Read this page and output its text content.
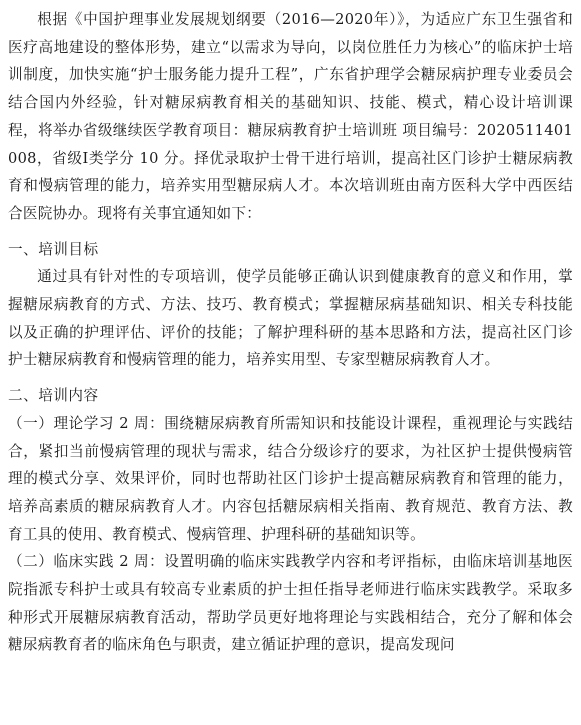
根据《中国护理事业发展规划纲要（2016—2020年）》，为适应广东卫生强省和医疗高地建设的整体形势，建立“以需求为导向，以岗位胜任力为核心”的临床护士培训制度，加快实施“护士服务能力提升工程”，广东省护理学会糖尿病护理专业委员会结合国内外经验，针对糖尿病教育相关的基础知识、技能、模式，精心设计培训课程，将举办省级继续医学教育项目：糖尿病教育护士培训班 项目编号：2020511401008，省级Ⅰ类学分 10 分。择优录取护士骨干进行培训，提高社区门诊护士糖尿病教育和慢病管理的能力，培养实用型糖尿病人才。本次培训班由南方医科大学中西医结合医院协办。现将有关事宜通知如下：

一、培训目标

通过具有针对性的专项培训，使学员能够正确认识到健康教育的意义和作用，掌握糖尿病教育的方式、方法、技巧、教育模式；掌握糖尿病基础知识、相关专科技能以及正确的护理评估、评价的技能；了解护理科研的基本思路和方法，提高社区门诊护士糖尿病教育和慢病管理的能力，培养实用型、专家型糖尿病教育人才。

二、培训内容

（一）理论学习 2 周：围绕糖尿病教育所需知识和技能设计课程，重视理论与实践结合，紧扣当前慢病管理的现状与需求，结合分级诊疗的要求，为社区护士提供慢病管理的模式分享、效果评价，同时也帮助社区门诊护士提高糖尿病教育和管理的能力，培养高素质的糖尿病教育人才。内容包括糖尿病相关指南、教育规范、教育方法、教育工具的使用、教育模式、慢病管理、护理科研的基础知识等。

（二）临床实践 2 周：设置明确的临床实践教学内容和考评指标，由临床培训基地医院指派专科护士或具有较高专业素质的护士担任指导老师进行临床实践教学。采取多种形式开展糖尿病教育活动，帮助学员更好地将理论与实践相结合，充分了解和体会糖尿病教育者的临床角色与职责，建立循证护理的意识，提高发现问
